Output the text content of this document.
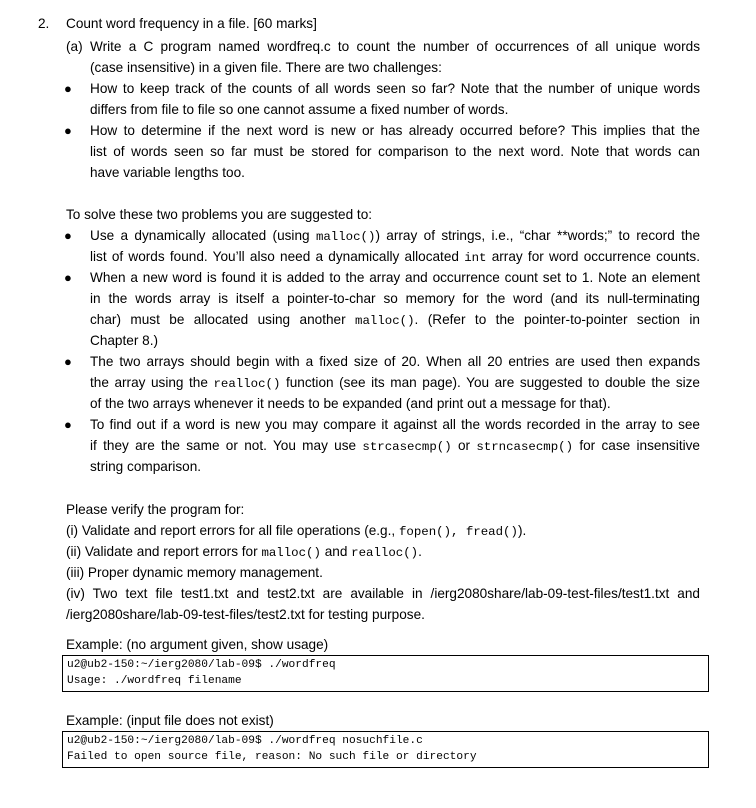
2. Count word frequency in a file. [60 marks]
(a) Write a C program named wordfreq.c to count the number of occurrences of all unique words
(case insensitive) in a given file. There are two challenges:
● How to keep track of the counts of all words seen so far? Note that the number of unique words
differs from file to file so one cannot assume a fixed number of words.
● How to determine if the next word is new or has already occurred before? This implies that the
list of words seen so far must be stored for comparison to the next word. Note that words can
have variable lengths too.
To solve these two problems you are suggested to:
● Use a dynamically allocated (using malloc()) array of strings, i.e., “char **words;” to record the
list of words found. You’ll also need a dynamically allocated int array for word occurrence counts.
● When a new word is found it is added to the array and occurrence count set to 1. Note an element
in the words array is itself a pointer-to-char so memory for the word (and its null-terminating
char) must be allocated using another malloc(). (Refer to the pointer-to-pointer section in
Chapter 8.)
● The two arrays should begin with a fixed size of 20. When all 20 entries are used then expands
the array using the realloc() function (see its man page). You are suggested to double the size
of the two arrays whenever it needs to be expanded (and print out a message for that).
● To find out if a word is new you may compare it against all the words recorded in the array to see
if they are the same or not. You may use strcasecmp() or strncasecmp() for case insensitive
string comparison.
Please verify the program for:
(i) Validate and report errors for all file operations (e.g., fopen(), fread()).
(ii) Validate and report errors for malloc() and realloc().
(iii) Proper dynamic memory management.
(iv) Two text file test1.txt and test2.txt are available in /ierg2080share/lab-09-test-files/test1.txt and
/ierg2080share/lab-09-test-files/test2.txt for testing purpose.
Example: (no argument given, show usage)
u2@ub2-150:~/ierg2080/lab-09$ ./wordfreq
Usage: ./wordfreq filename
Example: (input file does not exist)
u2@ub2-150:~/ierg2080/lab-09$ ./wordfreq nosuchfile.c
Failed to open source file, reason: No such file or directory
